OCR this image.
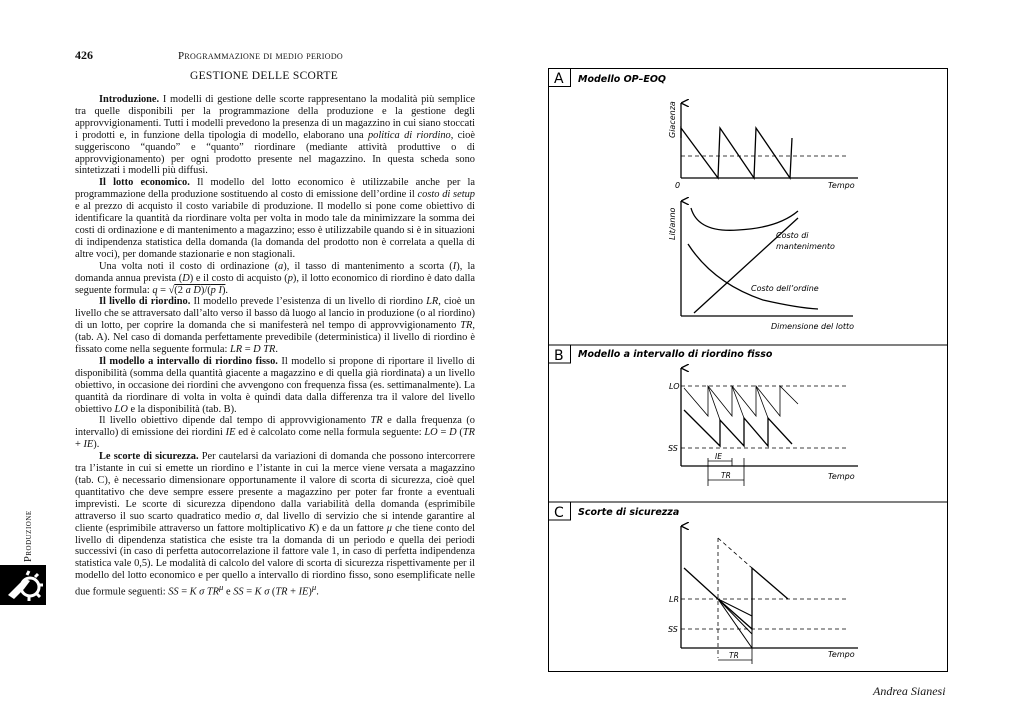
426	Programmazione di medio periodo
GESTIONE DELLE SCORTE

Introduzione. I modelli di gestione delle scorte rappresentano la modalità più semplice tra quelle disponibili per la programmazione della produzione e la gestione degli approvvigionamenti. Tutti i modelli prevedono la presenza di un magazzino in cui siano stoccati i prodotti e, in funzione della tipologia di modello, elaborano una politica di riordino, cioè suggeriscono “quando” e “quanto” riordinare (mediante attività produttive o di approvvigionamento) per ogni prodotto presente nel magazzino. In questa scheda sono sintetizzati i modelli più diffusi.

Il lotto economico. Il modello del lotto economico è utilizzabile anche per la programmazione della produzione sostituendo al costo di emissione dell’ordine il costo di setup e al prezzo di acquisto il costo variabile di produzione. Il modello si pone come obiettivo di identificare la quantità da riordinare volta per volta in modo tale da minimizzare la somma dei costi di ordinazione e di mantenimento a magazzino; esso è utilizzabile quando si è in situazioni di indipendenza statistica della domanda (la domanda del prodotto non è correlata a quella di altre voci), per domande stazionarie e non stagionali.

Una volta noti il costo di ordinazione (a), il tasso di mantenimento a scorta (I), la domanda annua prevista (D) e il costo di acquisto (p), il lotto economico di riordino è dato dalla seguente formula: q = √(2 a D)/(p I).

Il livello di riordino. Il modello prevede l’esistenza di un livello di riordino LR, cioè un livello che se attraversato dall’alto verso il basso dà luogo al lancio in produzione (o al riordino) di un lotto, per coprire la domanda che si manifesterà nel tempo di approvvigionamento TR, (tab. A). Nel caso di domanda perfettamente prevedibile (deterministica) il livello di riordino è fissato come nella seguente formula: LR = D TR.

Il modello a intervallo di riordino fisso. Il modello si propone di riportare il livello di disponibilità (somma della quantità giacente a magazzino e di quella già riordinata) a un livello obiettivo, in occasione dei riordini che avvengono con frequenza fissa (es. settimanalmente). La quantità da riordinare di volta in volta è quindi data dalla differenza tra il valore del livello obiettivo LO e la disponibilità (tab. B).

Il livello obiettivo dipende dal tempo di approvvigionamento TR e dalla frequenza (o intervallo) di emissione dei riordini IE ed è calcolato come nella formula seguente: LO = D (TR + IE).

Le scorte di sicurezza. Per cautelarsi da variazioni di domanda che possono intercorrere tra l’istante in cui si emette un riordino e l’istante in cui la merce viene versata a magazzino (tab. C), è necessario dimensionare opportunamente il valore di scorta di sicurezza, cioè quel quantitativo che deve sempre essere presente a magazzino per poter far fronte a eventuali imprevisti. Le scorte di sicurezza dipendono dalla variabilità della domanda (esprimibile attraverso il suo scarto quadratico medio σ, dal livello di servizio che si intende garantire al cliente (esprimibile attraverso un fattore moltiplicativo K) e da un fattore μ che tiene conto del livello di dipendenza statistica che esiste tra la domanda di un periodo e quella dei periodi successivi (in caso di perfetta autocorrelazione il fattore vale 1, in caso di perfetta indipendenza statistica vale 0,5). Le modalità di calcolo del valore di scorta di sicurezza rispettivamente per il modello del lotto economico e per quello a intervallo di riordino fisso, sono esemplificate nelle due formule seguenti: SS = K σ $TR^\mu$ e SS = K σ (TR + IE)$^\mu$.

Produzione
Andrea Sianesi
A Modello OP–EOQ
Giacenza
0	Tempo
Lit/anno	Costo di
mantenimento
Costo dell’ordine
Dimensione del lotto
B Modello a intervallo di riordino fisso
LO
SS
IE
TR	Tempo
C Scorte di sicurezza
LR
SS
TR	Tempo
